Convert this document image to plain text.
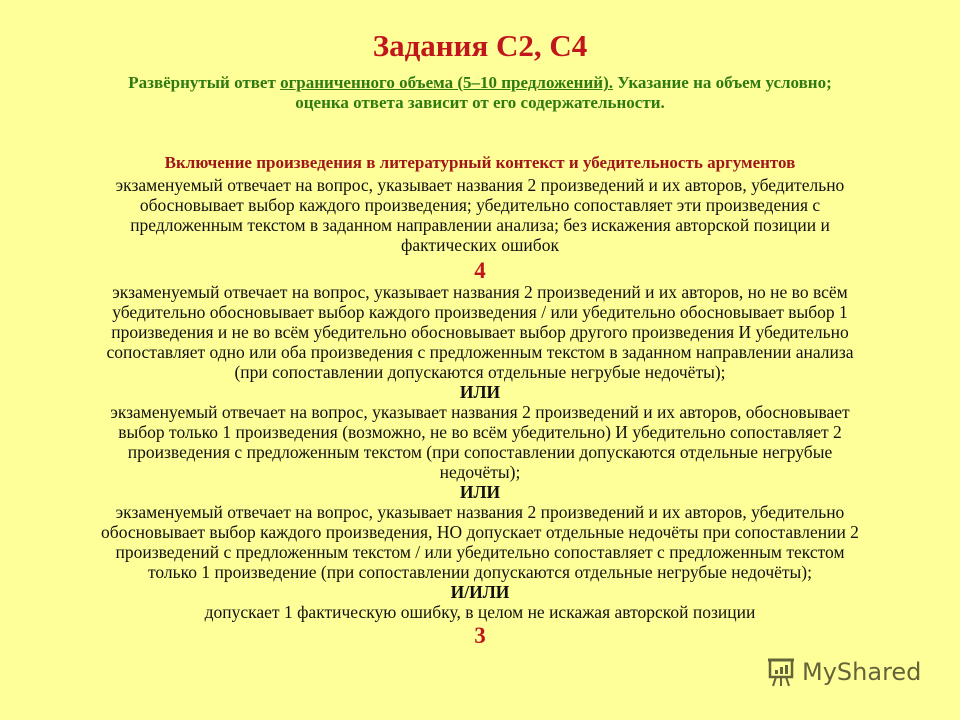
Задания С2, С4
Развёрнутый ответ ограниченного объема (5–10 предложений). Указание на объем условно;
оценка ответа зависит от его содержательности.
Включение произведения в литературный контекст и убедительность аргументов
экзаменуемый отвечает на вопрос, указывает названия 2 произведений и их авторов, убедительно
обосновывает выбор каждого произведения; убедительно сопоставляет эти произведения с
предложенным текстом в заданном направлении анализа; без искажения авторской позиции и
фактических ошибок
4
экзаменуемый отвечает на вопрос, указывает названия 2 произведений и их авторов, но не во всём
убедительно обосновывает выбор каждого произведения / или убедительно обосновывает выбор 1
произведения и не во всём убедительно обосновывает выбор другого произведения И убедительно
сопоставляет одно или оба произведения с предложенным текстом в заданном направлении анализа
(при сопоставлении допускаются отдельные негрубые недочёты);
ИЛИ
экзаменуемый отвечает на вопрос, указывает названия 2 произведений и их авторов, обосновывает
выбор только 1 произведения (возможно, не во всём убедительно) И убедительно сопоставляет 2
произведения с предложенным текстом (при сопоставлении допускаются отдельные негрубые
недочёты);
ИЛИ
экзаменуемый отвечает на вопрос, указывает названия 2 произведений и их авторов, убедительно
обосновывает выбор каждого произведения, НО допускает отдельные недочёты при сопоставлении 2
произведений с предложенным текстом / или убедительно сопоставляет с предложенным текстом
только 1 произведение (при сопоставлении допускаются отдельные негрубые недочёты);
И/ИЛИ
допускает 1 фактическую ошибку, в целом не искажая авторской позиции
3
MyShared
